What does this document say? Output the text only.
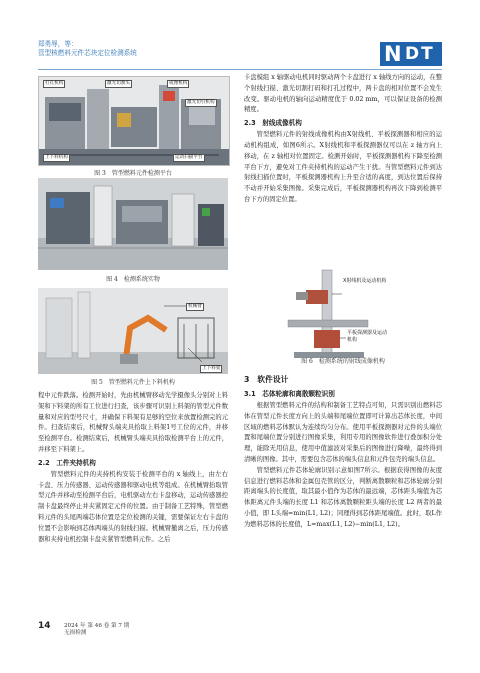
郑勇辱，等：
管型核燃料元件芯块定位检测系统	N DT
打孔机构	激光切割头	成像机构
激光切引机构
上下料机构	运动扫描平台
图 3　管型燃料元件检测平台
图 4　检测系统实物
机械臂
上下料架
图 5　管型燃料元件上下料机构

程中元件跌落。检测开始时，先由机械臂移动光学摄像头分别对上料架和下料架的所有工位进行扫查，该步骤可识别上料架的管型元件数量和对应的型号尺寸，并确保下料架有足够的空位来放置检测完的元件。扫查结束后，机械臂头端夹具拾取上料架1号工位的元件，并移至检测平台。检测结束后，机械臂头端夹具拾取检测平台上的元件，并移至下料架上。

2.2　工件夹持机构

管型燃料元件的夹持机构安装于检测平台的 x 轴线上，由左右卡盘、压力传感器、运动传感器和驱动电机等组成。在机械臂抬取管型元件并移动至检测平台后，电机驱动左右卡盘移动，运动传感器控制卡盘最终停止并夹紧固定元件的位置。由于制备工艺特殊，管型燃料元件的头尾两端芯体位置是定位检测的关键，需要保证左右卡盘的位置不会影响到芯体两端头的射线扫描。机械臂撤离之后，压力传感器和夹持电机控制卡盘夹紧管型燃料元件。之后

卡盘模组 x 轴驱动电机同时驱动两个卡盘进行 x 轴线方向的运动，在整个射线扫描、激光切割打码和打孔过程中，两卡盘的相对位置不会发生改变。驱动电机的轴向运动精度优于 0.02 mm，可以保证设备的检测精度。

2.3　射线成像机构

管型燃料元件的射线成像机构由X射线机、平板探测器和相应的运动机构组成，如图6所示。X射线机和平板探测器仅可以在 z 轴方向上移动，在 z 轴相对位置固定。检测开始时，平板探测器机构下降至检测平台下方，避免对工件夹持机构的运动产生干扰。当管型燃料元件到达射线扫描位置时，平板探测器机构上升至合适的高度，到达位置后保持不动并开始采集图像。采集完成后，平板探测器机构再次下降到检测平台下方的固定位置。

X射线机及运动机构
平板探测器及运动机构
图 6　检测系统的射线成像机构
3　软件设计
3.1　芯体轮廓和离散颗粒识别

根据管型燃料元件的结构和制备工艺特点可知，只需识别出燃料芯体在管型元件长度方向上的头端和尾端位置即可计算出芯体长度，中间区域的燃料芯体默认为连续均匀分布。使用平板探测器对元件的头端位置和尾端位置分别进行图像采集，利用专用的图像软件进行叠加积分处理，能除无用信息，使用中值滤波对采集后的图像进行降噪，最终得到清晰的图像。其中，需要包含芯体的端头信息和元件包壳的端头信息。

管型燃料元件芯体轮廓识别示意如图7所示。根据获得图像的灰度信息进行燃料芯体和金属包壳管的区分，判断离散颗粒和芯体轮廓分别距离端头的长度值，取其最小值作为芯体的最远端，芯体距头端值为芯体距离元件头端的长度 L1 和芯体离散颗粒距头端的长度 L2 两者的最小值，即 L头端=min(L1, L2)；同理得到芯体距尾端值。此时，取L作为燃料芯体的长度值，L=max(L1, L2)−min(L1, L2)。

14 2024 年 第 46 卷 第 7 期
无损检测
